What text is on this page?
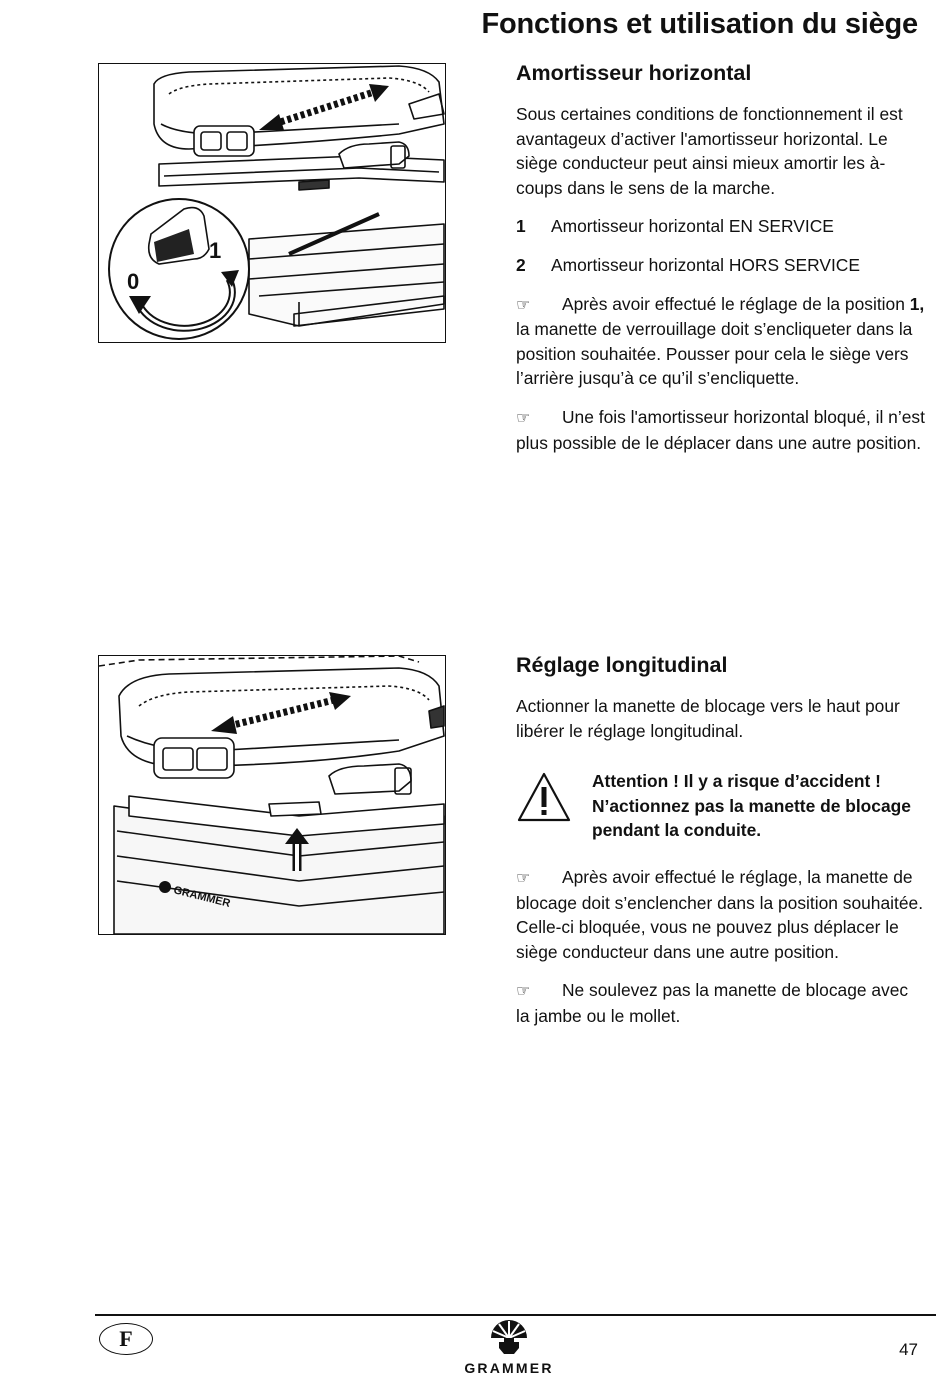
Fonctions et utilisation du siège
1
0
Amortisseur horizontal

Sous certaines conditions de fonctionnement il est avantageux d’activer l'amortisseur horizontal. Le siège conducteur peut ainsi mieux amortir les à-coups dans le sens de la marche.

1	Amortisseur horizontal EN SERVICE
2	Amortisseur horizontal HORS SERVICE

☞ Après avoir effectué le réglage de la position 1, la manette de verrouillage doit s’encliqueter dans la position souhaitée. Pousser pour cela le siège vers l’arrière jusqu’à ce qu’il s’encliquette.

☞ Une fois l'amortisseur horizontal bloqué, il n’est plus possible de le déplacer dans une autre position.

GRAMMER
Réglage longitudinal

Actionner la manette de blocage vers le haut pour libérer le réglage longitudinal.

Attention ! Il y a risque d’accident ! N’actionnez pas la manette de blocage pendant la conduite.

☞ Après avoir effectué le réglage, la manette de blocage doit s’enclencher dans la position souhaitée. Celle-ci bloquée, vous ne pouvez plus déplacer le siège conducteur dans une autre position.

☞ Ne soulevez pas la manette de blocage avec la jambe ou le mollet.

F
GRAMMER
47
